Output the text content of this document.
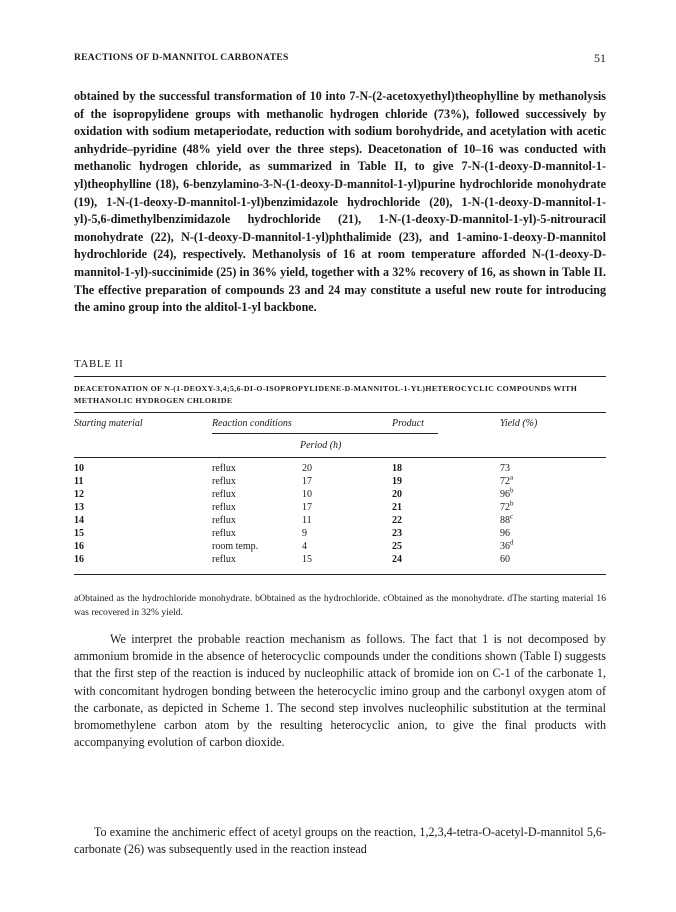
REACTIONS OF D-MANNITOL CARBONATES	51

obtained by the successful transformation of 10 into 7-N-(2-acetoxyethyl)theophylline by methanolysis of the isopropylidene groups with methanolic hydrogen chloride (73%), followed successively by oxidation with sodium metaperiodate, reduction with sodium borohydride, and acetylation with acetic anhydride–pyridine (48% yield over the three steps). Deacetonation of 10–16 was conducted with methanolic hydrogen chloride, as summarized in Table II, to give 7-N-(1-deoxy-D-mannitol-1-yl)theophylline (18), 6-benzylamino-3-N-(1-deoxy-D-mannitol-1-yl)purine hydrochloride monohydrate (19), 1-N-(1-deoxy-D-mannitol-1-yl)benzimidazole hydrochloride (20), 1-N-(1-deoxy-D-mannitol-1-yl)-5,6-dimethylbenzimidazole hydrochloride (21), 1-N-(1-deoxy-D-mannitol-1-yl)-5-nitrouracil monohydrate (22), N-(1-deoxy-D-mannitol-1-yl)phthalimide (23), and 1-amino-1-deoxy-D-mannitol hydrochloride (24), respectively. Methanolysis of 16 at room temperature afforded N-(1-deoxy-D-mannitol-1-yl)-succinimide (25) in 36% yield, together with a 32% recovery of 16, as shown in Table II. The effective preparation of compounds 23 and 24 may constitute a useful new route for introducing the amino group into the alditol-1-yl backbone.

TABLE II
DEACETONATION OF N-(1-DEOXY-3,4;5,6-DI-O-ISOPROPYLIDENE-D-MANNITOL-1-YL)HETEROCYCLIC COMPOUNDS WITH METHANOLIC HYDROGEN CHLORIDE
Starting material	Reaction conditions	Product	Yield (%)
Period (h)
10	reflux	20	18	73
11	reflux	17	19	72$^a$
12	reflux	10	20	96$^b$
13	reflux	17	21	72$^b$
14	reflux	11	22	88$^c$
15	reflux	9	23	96
16	room temp.	4	25	36$^d$
16	reflux	15	24	60

aObtained as the hydrochloride monohydrate. bObtained as the hydrochloride. cObtained as the monohydrate. dThe starting material 16 was recovered in 32% yield.

We interpret the probable reaction mechanism as follows. The fact that 1 is not decomposed by ammonium bromide in the absence of heterocyclic compounds under the conditions shown (Table I) suggests that the first step of the reaction is induced by nucleophilic attack of bromide ion on C-1 of the carbonate 1, with concomitant hydrogen bonding between the heterocyclic imino group and the carbonyl oxygen atom of the carbonate, as depicted in Scheme 1. The second step involves nucleophilic substitution at the terminal bromomethylene carbon atom by the resulting heterocyclic anion, to give the final products with accompanying evolution of carbon dioxide.

To examine the anchimeric effect of acetyl groups on the reaction, 1,2,3,4-tetra-O-acetyl-D-mannitol 5,6-carbonate (26) was subsequently used in the reaction instead
